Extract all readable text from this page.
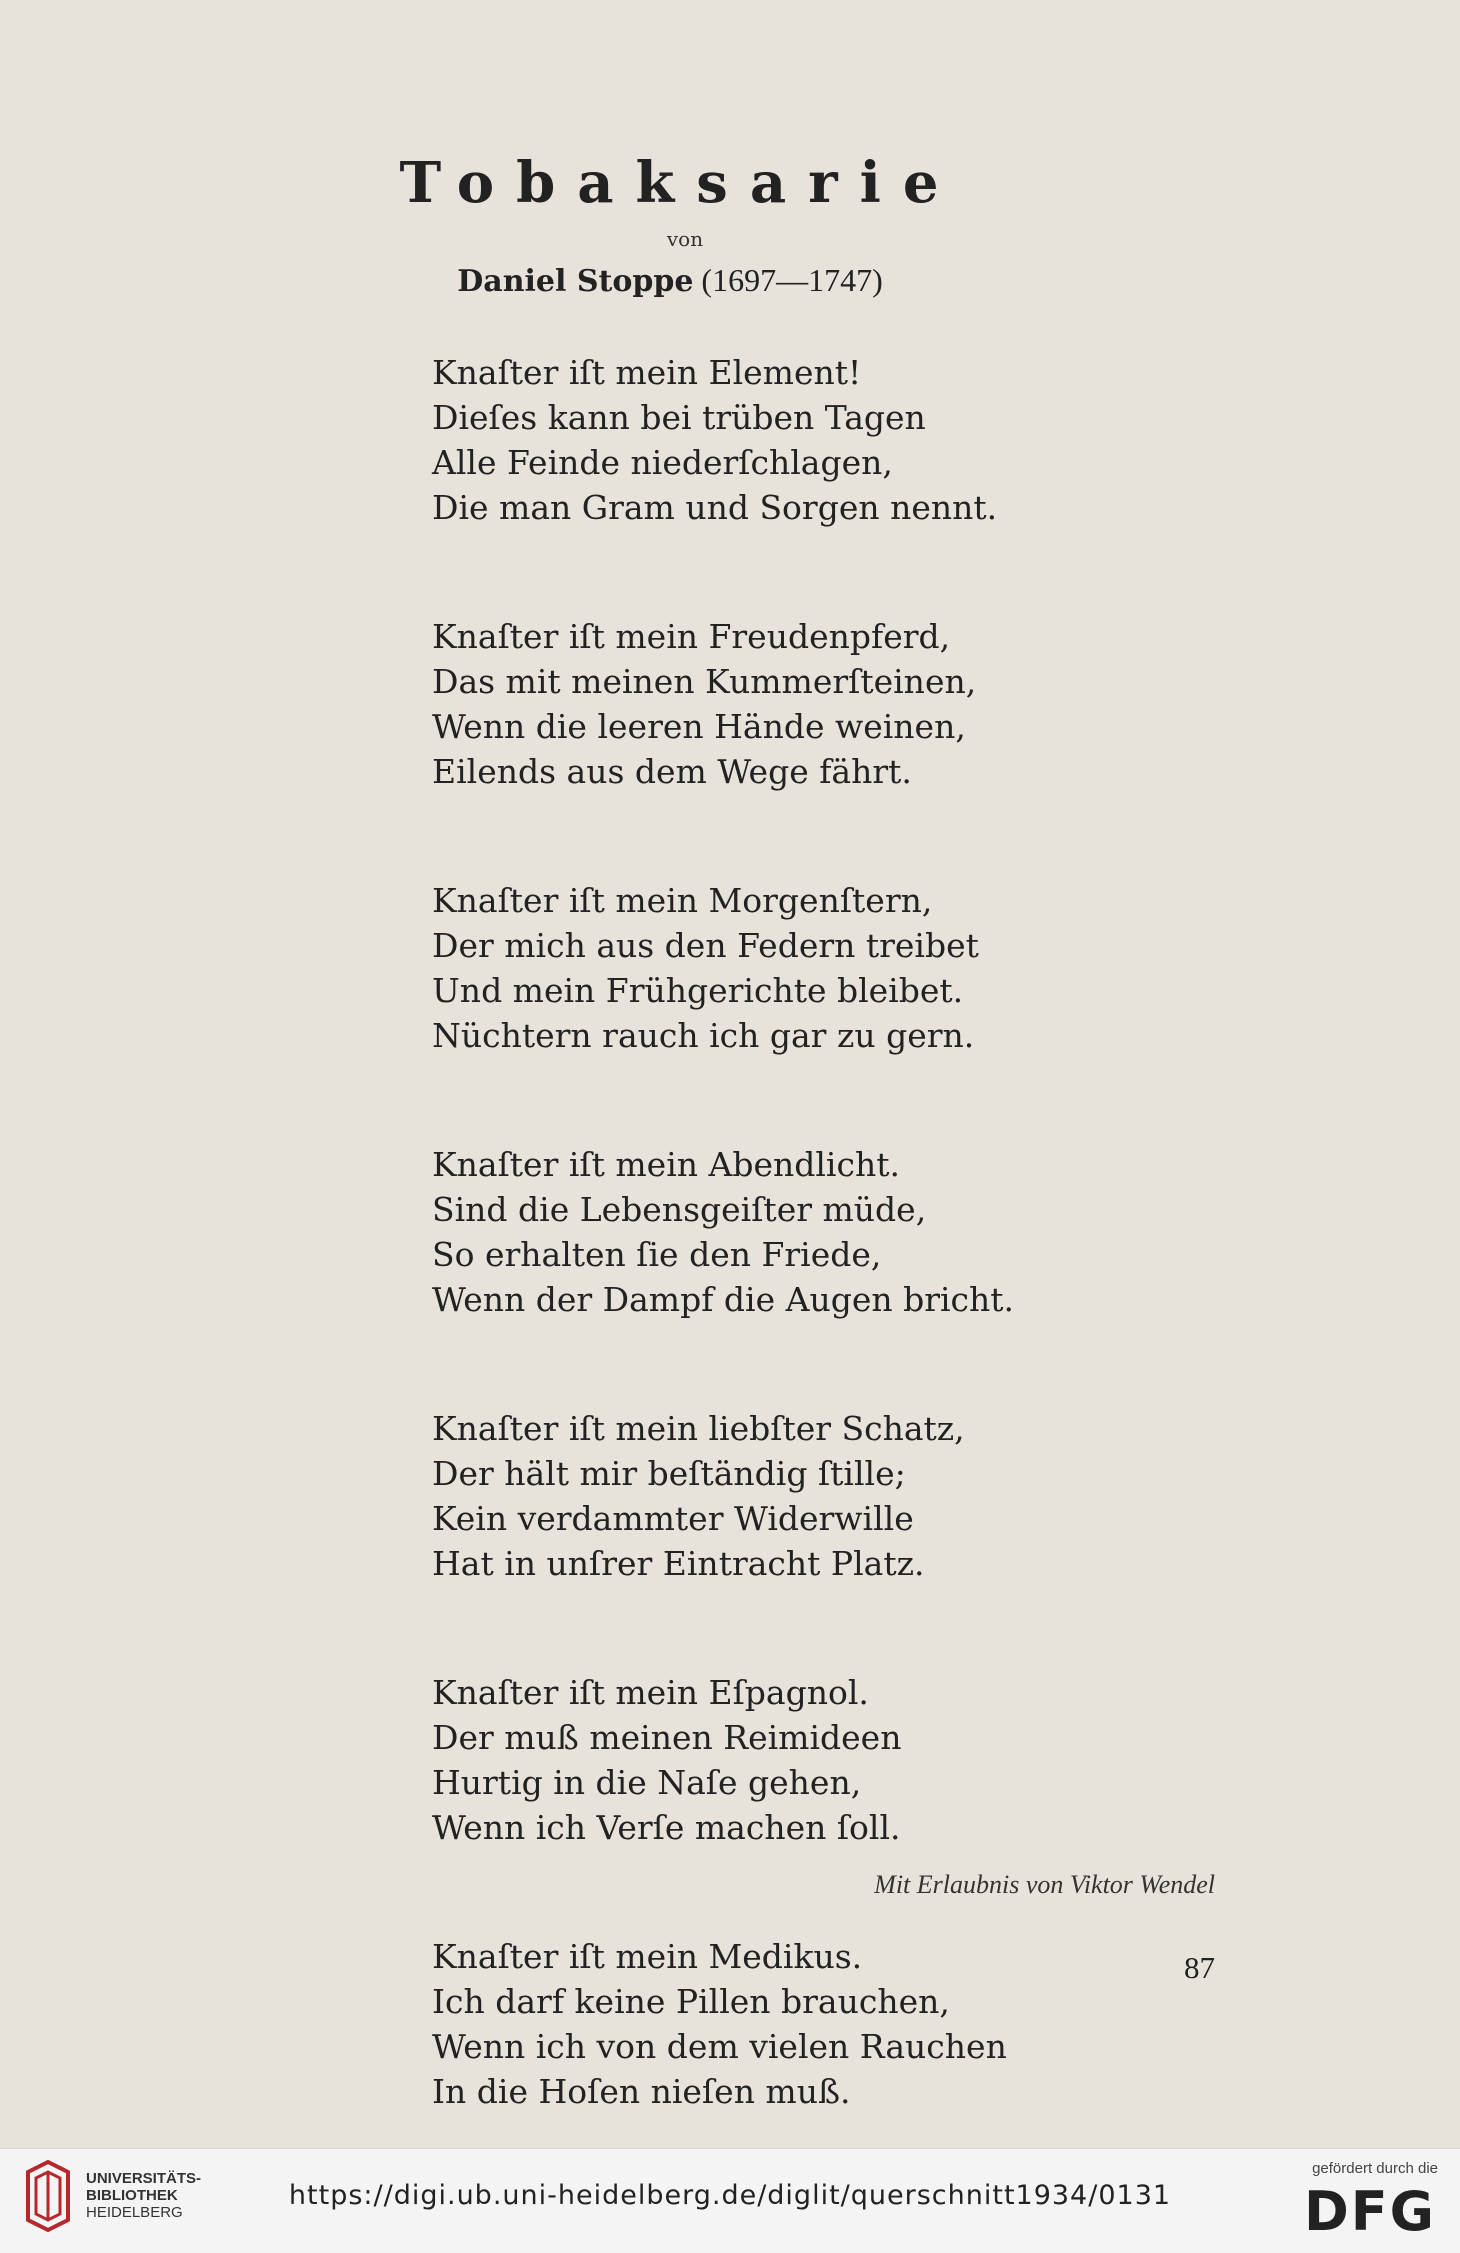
Tobaksarie
von
Daniel Stoppe (1697—1747)
Knaſter iſt mein Element!
Dieſes kann bei trüben Tagen
Alle Feinde niederſchlagen,
Die man Gram und Sorgen nennt.
Knaſter iſt mein Freudenpferd,
Das mit meinen Kummerſteinen,
Wenn die leeren Hände weinen,
Eilends aus dem Wege fährt.
Knaſter iſt mein Morgenſtern,
Der mich aus den Federn treibet
Und mein Frühgerichte bleibet.
Nüchtern rauch ich gar zu gern.
Knaſter iſt mein Abendlicht.
Sind die Lebensgeiſter müde,
So erhalten ſie den Friede,
Wenn der Dampf die Augen bricht.
Knaſter iſt mein liebſter Schatz,
Der hält mir beſtändig ſtille;
Kein verdammter Widerwille
Hat in unſrer Eintracht Platz.
Knaſter iſt mein Eſpagnol.
Der muß meinen Reimideen
Hurtig in die Naſe gehen,
Wenn ich Verſe machen ſoll.
Knaſter iſt mein Medikus.
Ich darf keine Pillen brauchen,
Wenn ich von dem vielen Rauchen
In die Hoſen nieſen muß.
Mit Erlaubnis von Viktor Wendel
87
UNIVERSITÄTS-
BIBLIOTHEK
HEIDELBERG
https://digi.ub.uni-heidelberg.de/diglit/querschnitt1934/0131
gefördert durch die
DFG
